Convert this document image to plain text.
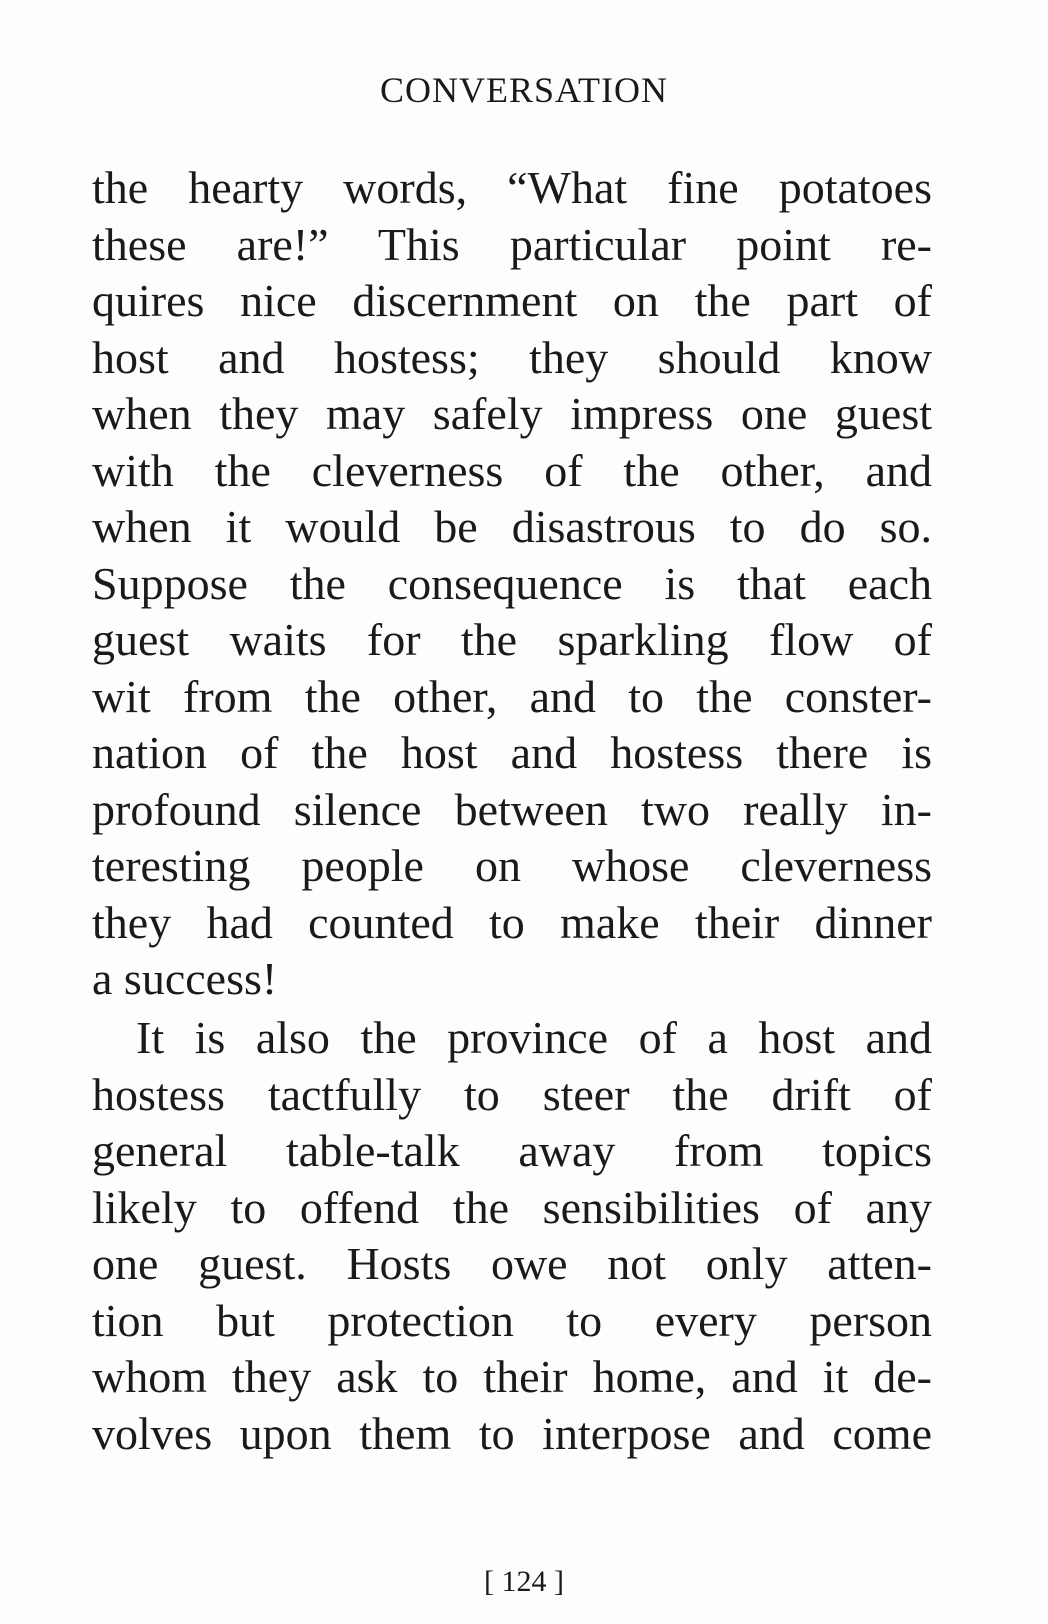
CONVERSATION
the hearty words, “What fine potatoes
these are!” This particular point re-
quires nice discernment on the part of
host and hostess; they should know
when they may safely impress one guest
with the cleverness of the other, and
when it would be disastrous to do so.
Suppose the consequence is that each
guest waits for the sparkling flow of
wit from the other, and to the conster-
nation of the host and hostess there is
profound silence between two really in-
teresting people on whose cleverness
they had counted to make their dinner
a success!
It is also the province of a host and
hostess tactfully to steer the drift of
general table-talk away from topics
likely to offend the sensibilities of any
one guest. Hosts owe not only atten-
tion but protection to every person
whom they ask to their home, and it de-
volves upon them to interpose and come
[ 124 ]
